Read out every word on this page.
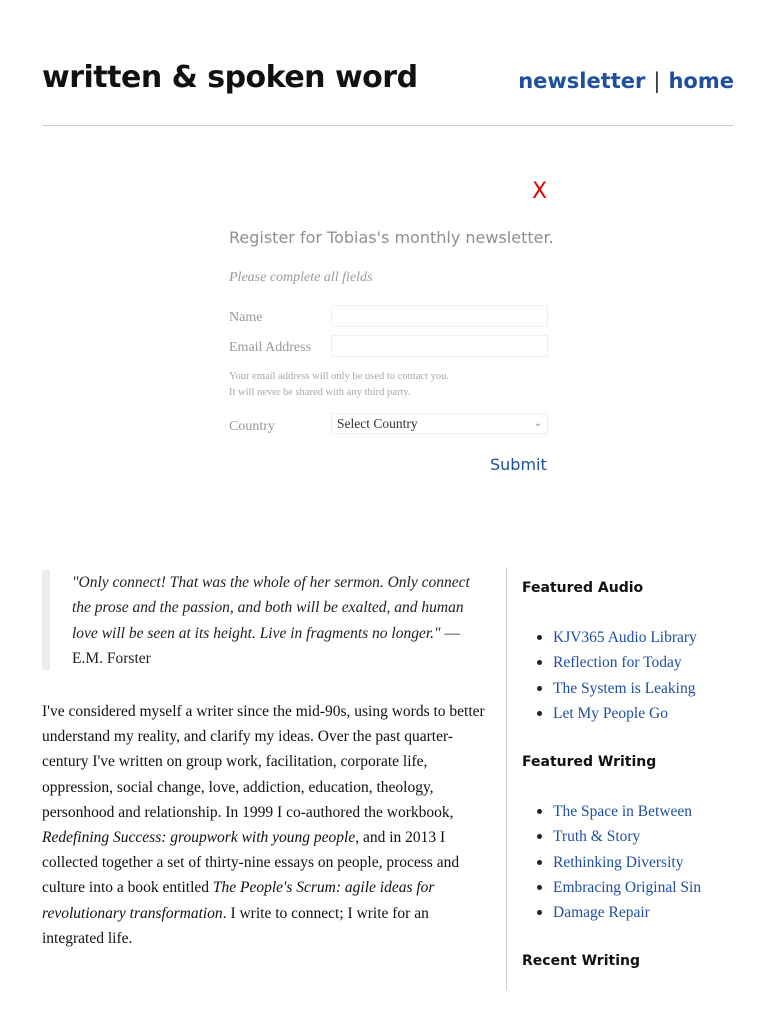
written & spoken word	newsletter | home
X
Register for Tobias's monthly newsletter.
Please complete all fields
Name
Email Address
Your email address will only be used to contact you.
It will never be shared with any third party.
Country	Select Country	⌄
Submit

"Only connect! That was the whole of her sermon. Only connect the prose and the passion, and both will be exalted, and human love will be seen at its height. Live in fragments no longer." — E.M. Forster

I've considered myself a writer since the mid-90s, using words to better understand my reality, and clarify my ideas. Over the past quarter-century I've written on group work, facilitation, corporate life, oppression, social change, love, addiction, education, theology, personhood and relationship. In 1999 I co-authored the workbook, Redefining Success: groupwork with young people, and in 2013 I collected together a set of thirty-nine essays on people, process and culture into a book entitled The People's Scrum: agile ideas for revolutionary transformation. I write to connect; I write for an integrated life.

Featured Audio
KJV365 Audio Library
Reflection for Today
The System is Leaking
Let My People Go
Featured Writing
The Space in Between
Truth & Story
Rethinking Diversity
Embracing Original Sin
Damage Repair
Recent Writing
